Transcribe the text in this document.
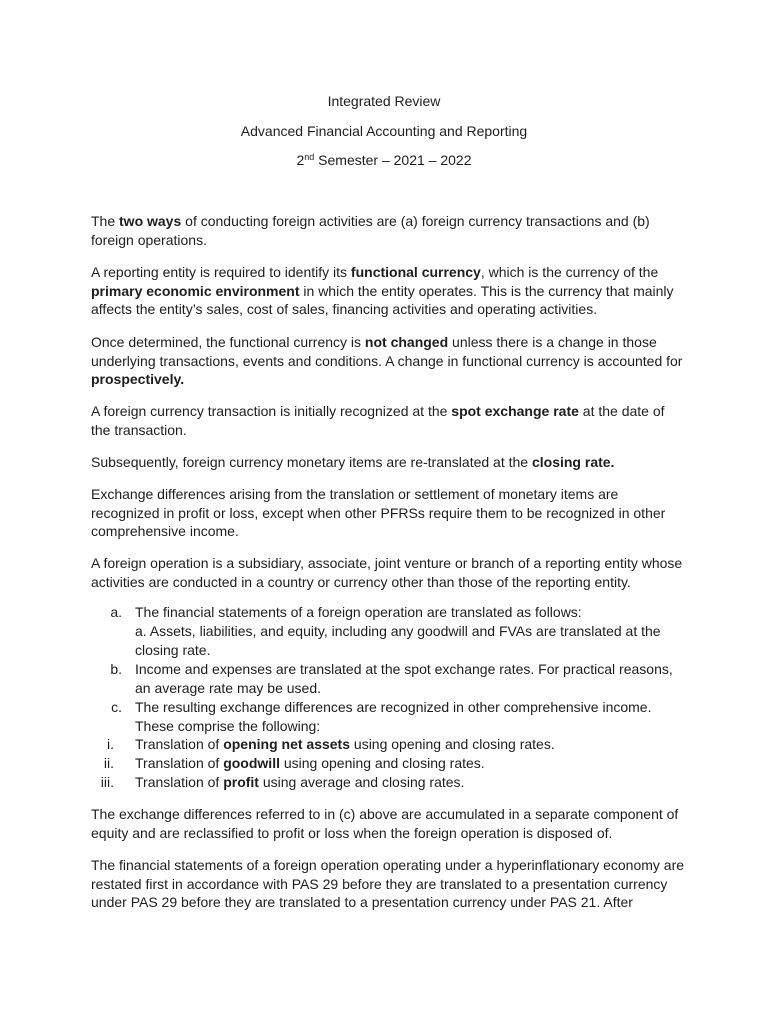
Integrated Review
Advanced Financial Accounting and Reporting
2nd Semester – 2021 – 2022

The two ways of conducting foreign activities are (a) foreign currency transactions and (b) foreign operations.

A reporting entity is required to identify its functional currency, which is the currency of the primary economic environment in which the entity operates. This is the currency that mainly affects the entity’s sales, cost of sales, financing activities and operating activities.

Once determined, the functional currency is not changed unless there is a change in those underlying transactions, events and conditions. A change in functional currency is accounted for prospectively.

A foreign currency transaction is initially recognized at the spot exchange rate at the date of the transaction.

Subsequently, foreign currency monetary items are re-translated at the closing rate.

Exchange differences arising from the translation or settlement of monetary items are recognized in profit or loss, except when other PFRSs require them to be recognized in other comprehensive income.

A foreign operation is a subsidiary, associate, joint venture or branch of a reporting entity whose activities are conducted in a country or currency other than those of the reporting entity.

a. The financial statements of a foreign operation are translated as follows:
a. Assets, liabilities, and equity, including any goodwill and FVAs are translated at the closing rate.
b. Income and expenses are translated at the spot exchange rates. For practical reasons, an average rate may be used.
c. The resulting exchange differences are recognized in other comprehensive income. These comprise the following:
i. Translation of opening net assets using opening and closing rates.
ii. Translation of goodwill using opening and closing rates.
iii. Translation of profit using average and closing rates.

The exchange differences referred to in (c) above are accumulated in a separate component of equity and are reclassified to profit or loss when the foreign operation is disposed of.

The financial statements of a foreign operation operating under a hyperinflationary economy are restated first in accordance with PAS 29 before they are translated to a presentation currency under PAS 29 before they are translated to a presentation currency under PAS 21. After
